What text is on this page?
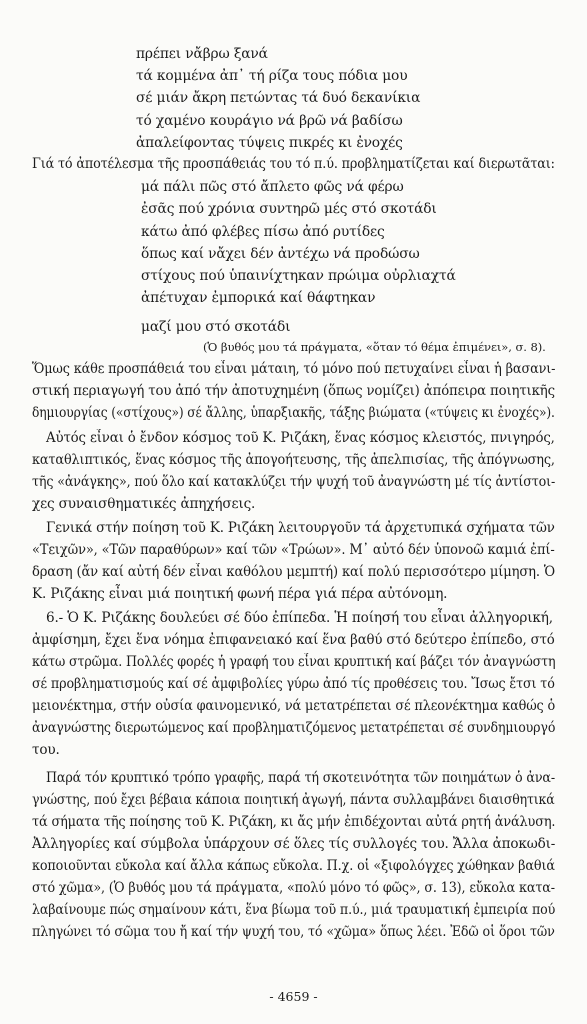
πρέπει νἄβρω ξανά
τά κομμένα ἀπ᾿ τή ρίζα τους πόδια μου
σέ μιάν ἄκρη πετώντας τά δυό δεκανίκια
τό χαμένο κουράγιο νά βρῶ νά βαδίσω
ἀπαλείφοντας τύψεις πικρές κι ἐνοχές
Γιά τό ἀποτέλεσμα τῆς προσπάθειάς του τό π.ύ. προβληματίζεται καί διερωτᾶται:
μά πάλι πῶς στό ἄπλετο φῶς νά φέρω
ἐσᾶς πού χρόνια συντηρῶ μές στό σκοτάδι
κάτω ἀπό φλέβες πίσω ἀπό ρυτίδες
ὅπως καί νἄχει δέν ἀντέχω νά προδώσω
στίχους πού ὑπαινίχτηκαν πρώιμα οὐρλιαχτά
ἀπέτυχαν ἐμπορικά καί θάφτηκαν
μαζί μου στό σκοτάδι
(Ὁ βυθός μου τά πράγματα, «ὅταν τό θέμα ἐπιμένει», σ. 8).
Ὅμως κάθε προσπάθειά του εἶναι μάταιη, τό μόνο πού πετυχαίνει εἶναι ἡ βασανι-
στική περιαγωγή του ἀπό τήν ἀποτυχημένη (ὅπως νομίζει) ἀπόπειρα ποιητικῆς
δημιουργίας («στίχους») σέ ἄλλης, ὑπαρξιακῆς, τάξης βιώματα («τύψεις κι ἐνοχές»).
Αὐτός εἶναι ὁ ἔνδον κόσμος τοῦ Κ. Ριζάκη, ἕνας κόσμος κλειστός, πνιγηρός,
καταθλιπτικός, ἕνας κόσμος τῆς ἀπογοήτευσης, τῆς ἀπελπισίας, τῆς ἀπόγνωσης,
τῆς «ἀνάγκης», πού ὅλο καί κατακλύζει τήν ψυχή τοῦ ἀναγνώστη μέ τίς ἀντίστοι-
χες συναισθηματικές ἀπηχήσεις.
Γενικά στήν ποίηση τοῦ Κ. Ριζάκη λειτουργοῦν τά ἀρχετυπικά σχήματα τῶν
«Τειχῶν», «Τῶν παραθύρων» καί τῶν «Τρώων». Μ᾿ αὐτό δέν ὑπονοῶ καμιά ἐπί-
δραση (ἄν καί αὐτή δέν εἶναι καθόλου μεμπτή) καί πολύ περισσότερο μίμηση. Ὁ
Κ. Ριζάκης εἶναι μιά ποιητική φωνή πέρα γιά πέρα αὐτόνομη.
6.- Ὁ Κ. Ριζάκης δουλεύει σέ δύο ἐπίπεδα. Ἡ ποίησή του εἶναι ἀλληγορική,
ἀμφίσημη, ἔχει ἕνα νόημα ἐπιφανειακό καί ἕνα βαθύ στό δεύτερο ἐπίπεδο, στό
κάτω στρῶμα. Πολλές φορές ἡ γραφή του εἶναι κρυπτική καί βάζει τόν ἀναγνώστη
σέ προβληματισμούς καί σέ ἀμφιβολίες γύρω ἀπό τίς προθέσεις του. Ἴσως ἔτσι τό
μειονέκτημα, στήν οὐσία φαινομενικό, νά μετατρέπεται σέ πλεονέκτημα καθώς ὁ
ἀναγνώστης διερωτώμενος καί προβληματιζόμενος μετατρέπεται σέ συνδημιουργό
του.
Παρά τόν κρυπτικό τρόπο γραφῆς, παρά τή σκοτεινότητα τῶν ποιημάτων ὁ ἀνα-
γνώστης, πού ἔχει βέβαια κάποια ποιητική ἀγωγή, πάντα συλλαμβάνει διαισθητικά
τά σήματα τῆς ποίησης τοῦ Κ. Ριζάκη, κι ἄς μήν ἐπιδέχονται αὐτά ρητή ἀνάλυση.
Ἀλληγορίες καί σύμβολα ὑπάρχουν σέ ὅλες τίς συλλογές του. Ἄλλα ἀποκωδι-
κοποιοῦνται εὔκολα καί ἄλλα κάπως εὔκολα. Π.χ. οἱ «ξιφολόγχες χώθηκαν βαθιά
στό χῶμα», (Ὁ βυθός μου τά πράγματα, «πολύ μόνο τό φῶς», σ. 13), εὔκολα κατα-
λαβαίνουμε πώς σημαίνουν κάτι, ἕνα βίωμα τοῦ π.ύ., μιά τραυματική ἐμπειρία πού
πληγώνει τό σῶμα του ἤ καί τήν ψυχή του, τό «χῶμα» ὅπως λέει. Ἐδῶ οἱ ὅροι τῶν
- 4659 -
